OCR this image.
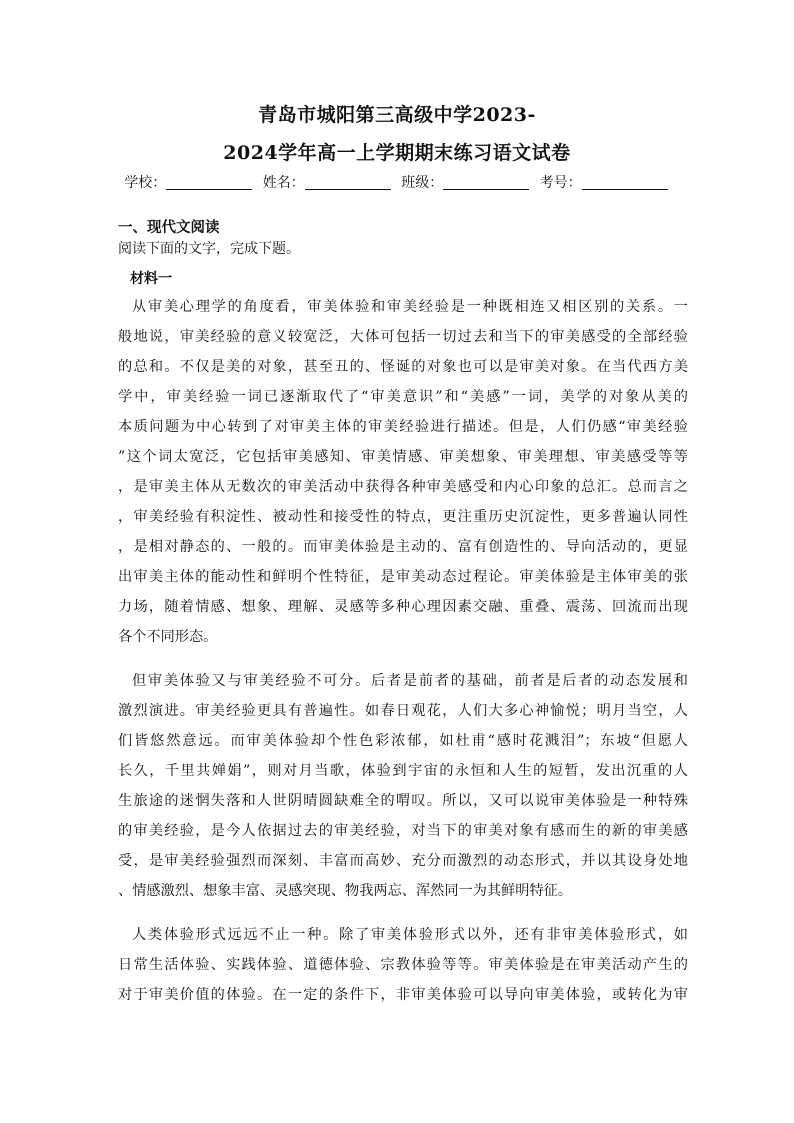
青岛市城阳第三高级中学2023-
2024学年高一上学期期末练习语文试卷
学校：	姓名：	班级：	考号：
一、现代文阅读
阅读下面的文字，完成下题。
材料一
从审美心理学的角度看，审美体验和审美经验是一种既相连又相区别的关系。一
般地说，审美经验的意义较宽泛，大体可包括一切过去和当下的审美感受的全部经验
的总和。不仅是美的对象，甚至丑的、怪诞的对象也可以是审美对象。在当代西方美
学中，审美经验一词已逐渐取代了“审美意识”和“美感”一词，美学的对象从美的
本质问题为中心转到了对审美主体的审美经验进行描述。但是，人们仍感“审美经验
”这个词太宽泛，它包括审美感知、审美情感、审美想象、审美理想、审美感受等等
，是审美主体从无数次的审美活动中获得各种审美感受和内心印象的总汇。总而言之
，审美经验有积淀性、被动性和接受性的特点，更注重历史沉淀性，更多普遍认同性
，是相对静态的、一般的。而审美体验是主动的、富有创造性的、导向活动的，更显
出审美主体的能动性和鲜明个性特征，是审美动态过程论。审美体验是主体审美的张
力场，随着情感、想象、理解、灵感等多种心理因素交融、重叠、震荡、回流而出现
各个不同形态。
但审美体验又与审美经验不可分。后者是前者的基础，前者是后者的动态发展和
激烈演进。审美经验更具有普遍性。如春日观花，人们大多心神愉悦；明月当空，人
们皆悠然意远。而审美体验却个性色彩浓郁，如杜甫“感时花溅泪”；东坡“但愿人
长久，千里共婵娟”，则对月当歌，体验到宇宙的永恒和人生的短暂，发出沉重的人
生旅途的迷惘失落和人世阴晴圆缺难全的喟叹。所以，又可以说审美体验是一种特殊
的审美经验，是今人依据过去的审美经验，对当下的审美对象有感而生的新的审美感
受，是审美经验强烈而深刻、丰富而高妙、充分而激烈的动态形式，并以其设身处地
、情感激烈、想象丰富、灵感突现、物我两忘、浑然同一为其鲜明特征。
人类体验形式远远不止一种。除了审美体验形式以外，还有非审美体验形式，如
日常生活体验、实践体验、道德体验、宗教体验等等。审美体验是在审美活动产生的
对于审美价值的体验。在一定的条件下，非审美体验可以导向审美体验，或转化为审
